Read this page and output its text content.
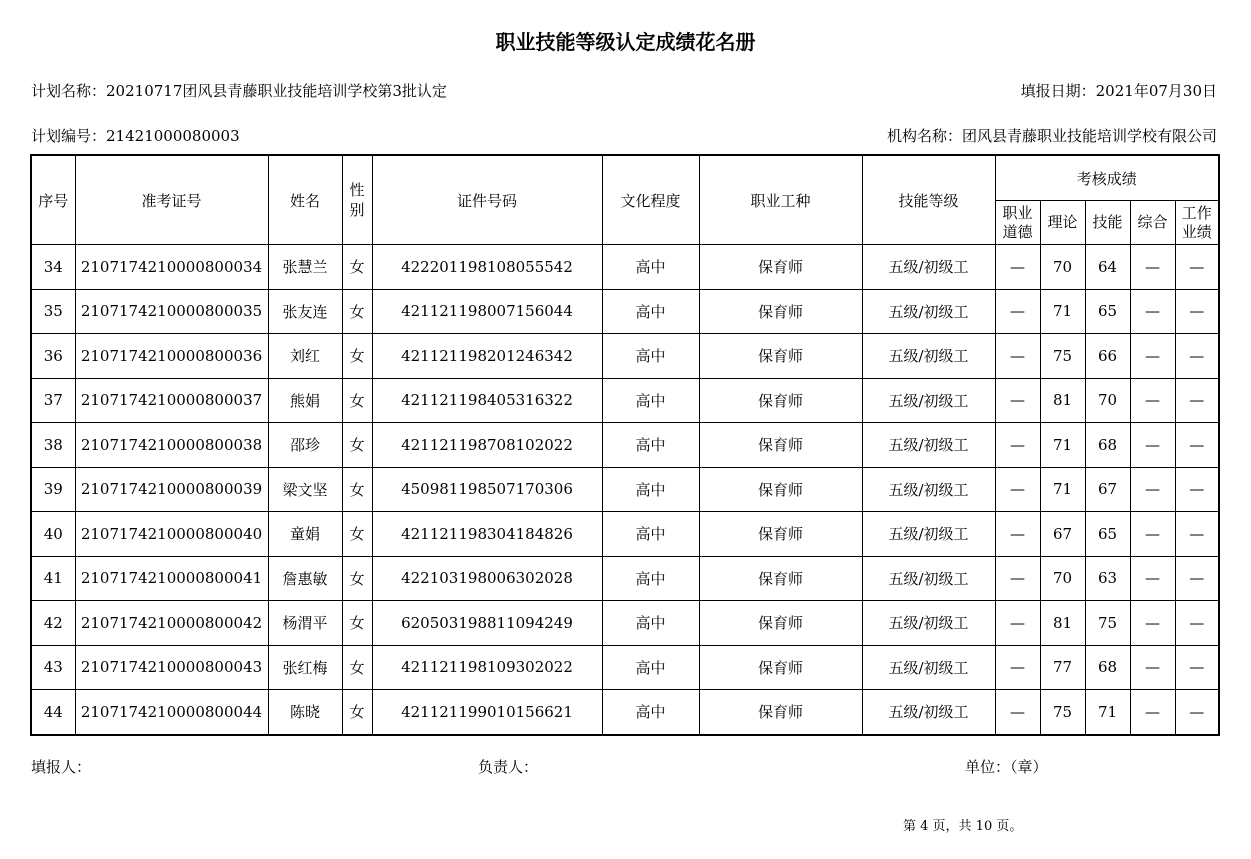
职业技能等级认定成绩花名册
计划名称：20210717团风县青藤职业技能培训学校第3批认定	填报日期：2021年07月30日
计划编号：21421000080003	机构名称：团风县青藤职业技能培训学校有限公司
序号	准考证号	姓名	性别	证件号码	文化程度	职业工种	技能等级	考核成绩				
								职业道德	理论	技能	综合	工作业绩
34	2107174210000800034	张慧兰	女	422201198108055542	高中	保育师	五级/初级工	—	70	64	—	—
35	2107174210000800035	张友连	女	421121198007156044	高中	保育师	五级/初级工	—	71	65	—	—
36	2107174210000800036	刘红	女	421121198201246342	高中	保育师	五级/初级工	—	75	66	—	—
37	2107174210000800037	熊娟	女	421121198405316322	高中	保育师	五级/初级工	—	81	70	—	—
38	2107174210000800038	邵珍	女	421121198708102022	高中	保育师	五级/初级工	—	71	68	—	—
39	2107174210000800039	梁文坚	女	450981198507170306	高中	保育师	五级/初级工	—	71	67	—	—
40	2107174210000800040	童娟	女	421121198304184826	高中	保育师	五级/初级工	—	67	65	—	—
41	2107174210000800041	詹惠敏	女	422103198006302028	高中	保育师	五级/初级工	—	70	63	—	—
42	2107174210000800042	杨渭平	女	620503198811094249	高中	保育师	五级/初级工	—	81	75	—	—
43	2107174210000800043	张红梅	女	421121198109302022	高中	保育师	五级/初级工	—	77	68	—	—
44	2107174210000800044	陈晓	女	421121199010156621	高中	保育师	五级/初级工	—	75	71	—	—
填报人：	负责人：	单位：（章）
第 4 页，共 10 页。
